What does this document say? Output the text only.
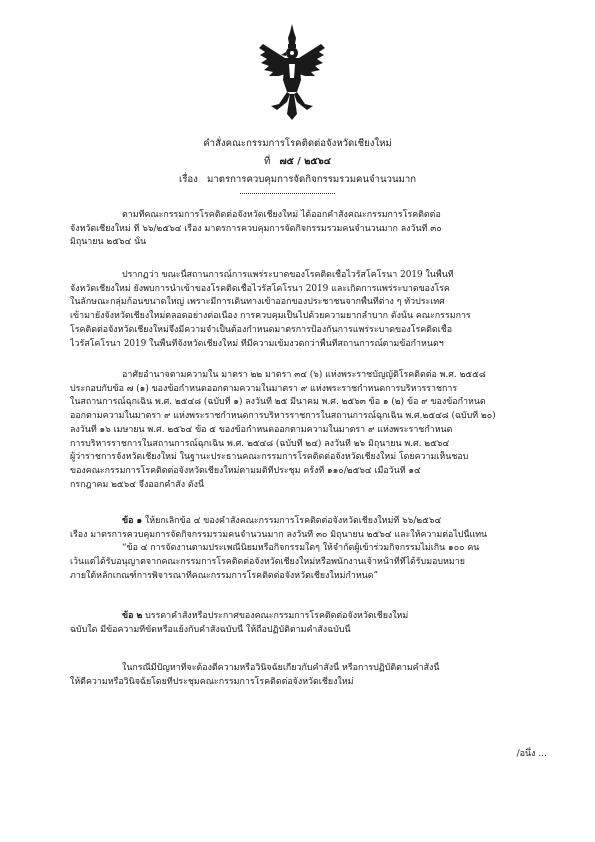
คำสั่งคณะกรรมการโรคติดต่อจังหวัดเชียงใหม่
ที่ ๗๕ / ๒๕๖๔
เรื่อง มาตรการควบคุมการจัดกิจกรรมรวมคนจำนวนมาก
ตามที่คณะกรรมการโรคติดต่อจังหวัดเชียงใหม่ ได้ออกคำสั่งคณะกรรมการโรคติดต่อ
จังหวัดเชียงใหม่ ที่ ๖๖/๒๕๖๔ เรื่อง มาตรการควบคุมการจัดกิจกรรมรวมคนจำนวนมาก ลงวันที่ ๓๐
มิถุนายน ๒๕๖๔ นั้น
ปรากฏว่า ขณะนี้สถานการณ์การแพร่ระบาดของโรคติดเชื้อไวรัสโคโรนา 2019 ในพื้นที่
จังหวัดเชียงใหม่ ยังพบการนำเข้าของโรคติดเชื้อไวรัสโคโรนา 2019 และเกิดการแพร่ระบาดของโรค
ในลักษณะกลุ่มก้อนขนาดใหญ่ เพราะมีการเดินทางเข้าออกของประชาชนจากพื้นที่ต่าง ๆ ทั่วประเทศ
เข้ามายังจังหวัดเชียงใหม่ตลอดอย่างต่อเนื่อง การควบคุมเป็นไปด้วยความยากลำบาก ดังนั้น คณะกรรมการ
โรคติดต่อจังหวัดเชียงใหม่จึงมีความจำเป็นต้องกำหนดมาตรการป้องกันการแพร่ระบาดของโรคติดเชื้อ
ไวรัสโคโรนา 2019 ในพื้นที่จังหวัดเชียงใหม่ ที่มีความเข้มงวดกว่าพื้นที่สถานการณ์ตามข้อกำหนดฯ
อาศัยอำนาจตามความใน มาตรา ๒๒ มาตรา ๓๔ (๖) แห่งพระราชบัญญัติโรคติดต่อ พ.ศ. ๒๕๕๘
ประกอบกับข้อ ๗ (๑) ของข้อกำหนดออกตามความในมาตรา ๙ แห่งพระราชกำหนดการบริหารราชการ
ในสถานการณ์ฉุกเฉิน พ.ศ. ๒๕๔๘ (ฉบับที่ ๑) ลงวันที่ ๒๕ มีนาคม พ.ศ. ๒๕๖๓ ข้อ ๑ (๒) ข้อ ๙ ของข้อกำหนด
ออกตามความในมาตรา ๙ แห่งพระราชกำหนดการบริหารราชการในสถานการณ์ฉุกเฉิน พ.ศ.๒๕๔๘ (ฉบับที่ ๒๐)
ลงวันที่ ๑๖ เมษายน พ.ศ. ๒๕๖๔ ข้อ ๕ ของข้อกำหนดออกตามความในมาตรา ๙ แห่งพระราชกำหนด
การบริหารราชการในสถานการณ์ฉุกเฉิน พ.ศ. ๒๕๔๘ (ฉบับที่ ๒๔) ลงวันที่ ๒๖ มิถุนายน พ.ศ. ๒๕๖๔
ผู้ว่าราชการจังหวัดเชียงใหม่ ในฐานะประธานคณะกรรมการโรคติดต่อจังหวัดเชียงใหม่ โดยความเห็นชอบ
ของคณะกรรมการโรคติดต่อจังหวัดเชียงใหม่ตามมติที่ประชุม ครั้งที่ ๑๑๐/๒๕๖๔ เมื่อวันที่ ๑๔
กรกฎาคม ๒๕๖๔ จึงออกคำสั่ง ดังนี้
ข้อ ๑ ให้ยกเลิกข้อ ๔ ของคำสั่งคณะกรรมการโรคติดต่อจังหวัดเชียงใหม่ที่ ๖๖/๒๕๖๔
เรื่อง มาตรการควบคุมการจัดกิจกรรมรวมคนจำนวนมาก ลงวันที่ ๓๐ มิถุนายน ๒๕๖๔ และให้ความต่อไปนี้แทน
“ข้อ ๔ การจัดงานตามประเพณีนิยมหรือกิจกรรมใดๆ ให้จำกัดผู้เข้าร่วมกิจกรรมไม่เกิน ๑๐๐ คน
เว้นแต่ได้รับอนุญาตจากคณะกรรมการโรคติดต่อจังหวัดเชียงใหม่หรือพนักงานเจ้าหน้าที่ที่ได้รับมอบหมาย
ภายใต้หลักเกณฑ์การพิจารณาที่คณะกรรมการโรคติดต่อจังหวัดเชียงใหม่กำหนด”
ข้อ ๒ บรรดาคำสั่งหรือประกาศของคณะกรรมการโรคติดต่อจังหวัดเชียงใหม่
ฉบับใด มีข้อความที่ขัดหรือแย้งกับคำสั่งฉบับนี้ ให้ถือปฏิบัติตามคำสั่งฉบับนี้
ในกรณีมีปัญหาที่จะต้องตีความหรือวินิจฉัยเกี่ยวกับคำสั่งนี้ หรือการปฏิบัติตามคำสั่งนี้
ให้ตีความหรือวินิจฉัยโดยที่ประชุมคณะกรรมการโรคติดต่อจังหวัดเชียงใหม่
/อนึ่ง ...
